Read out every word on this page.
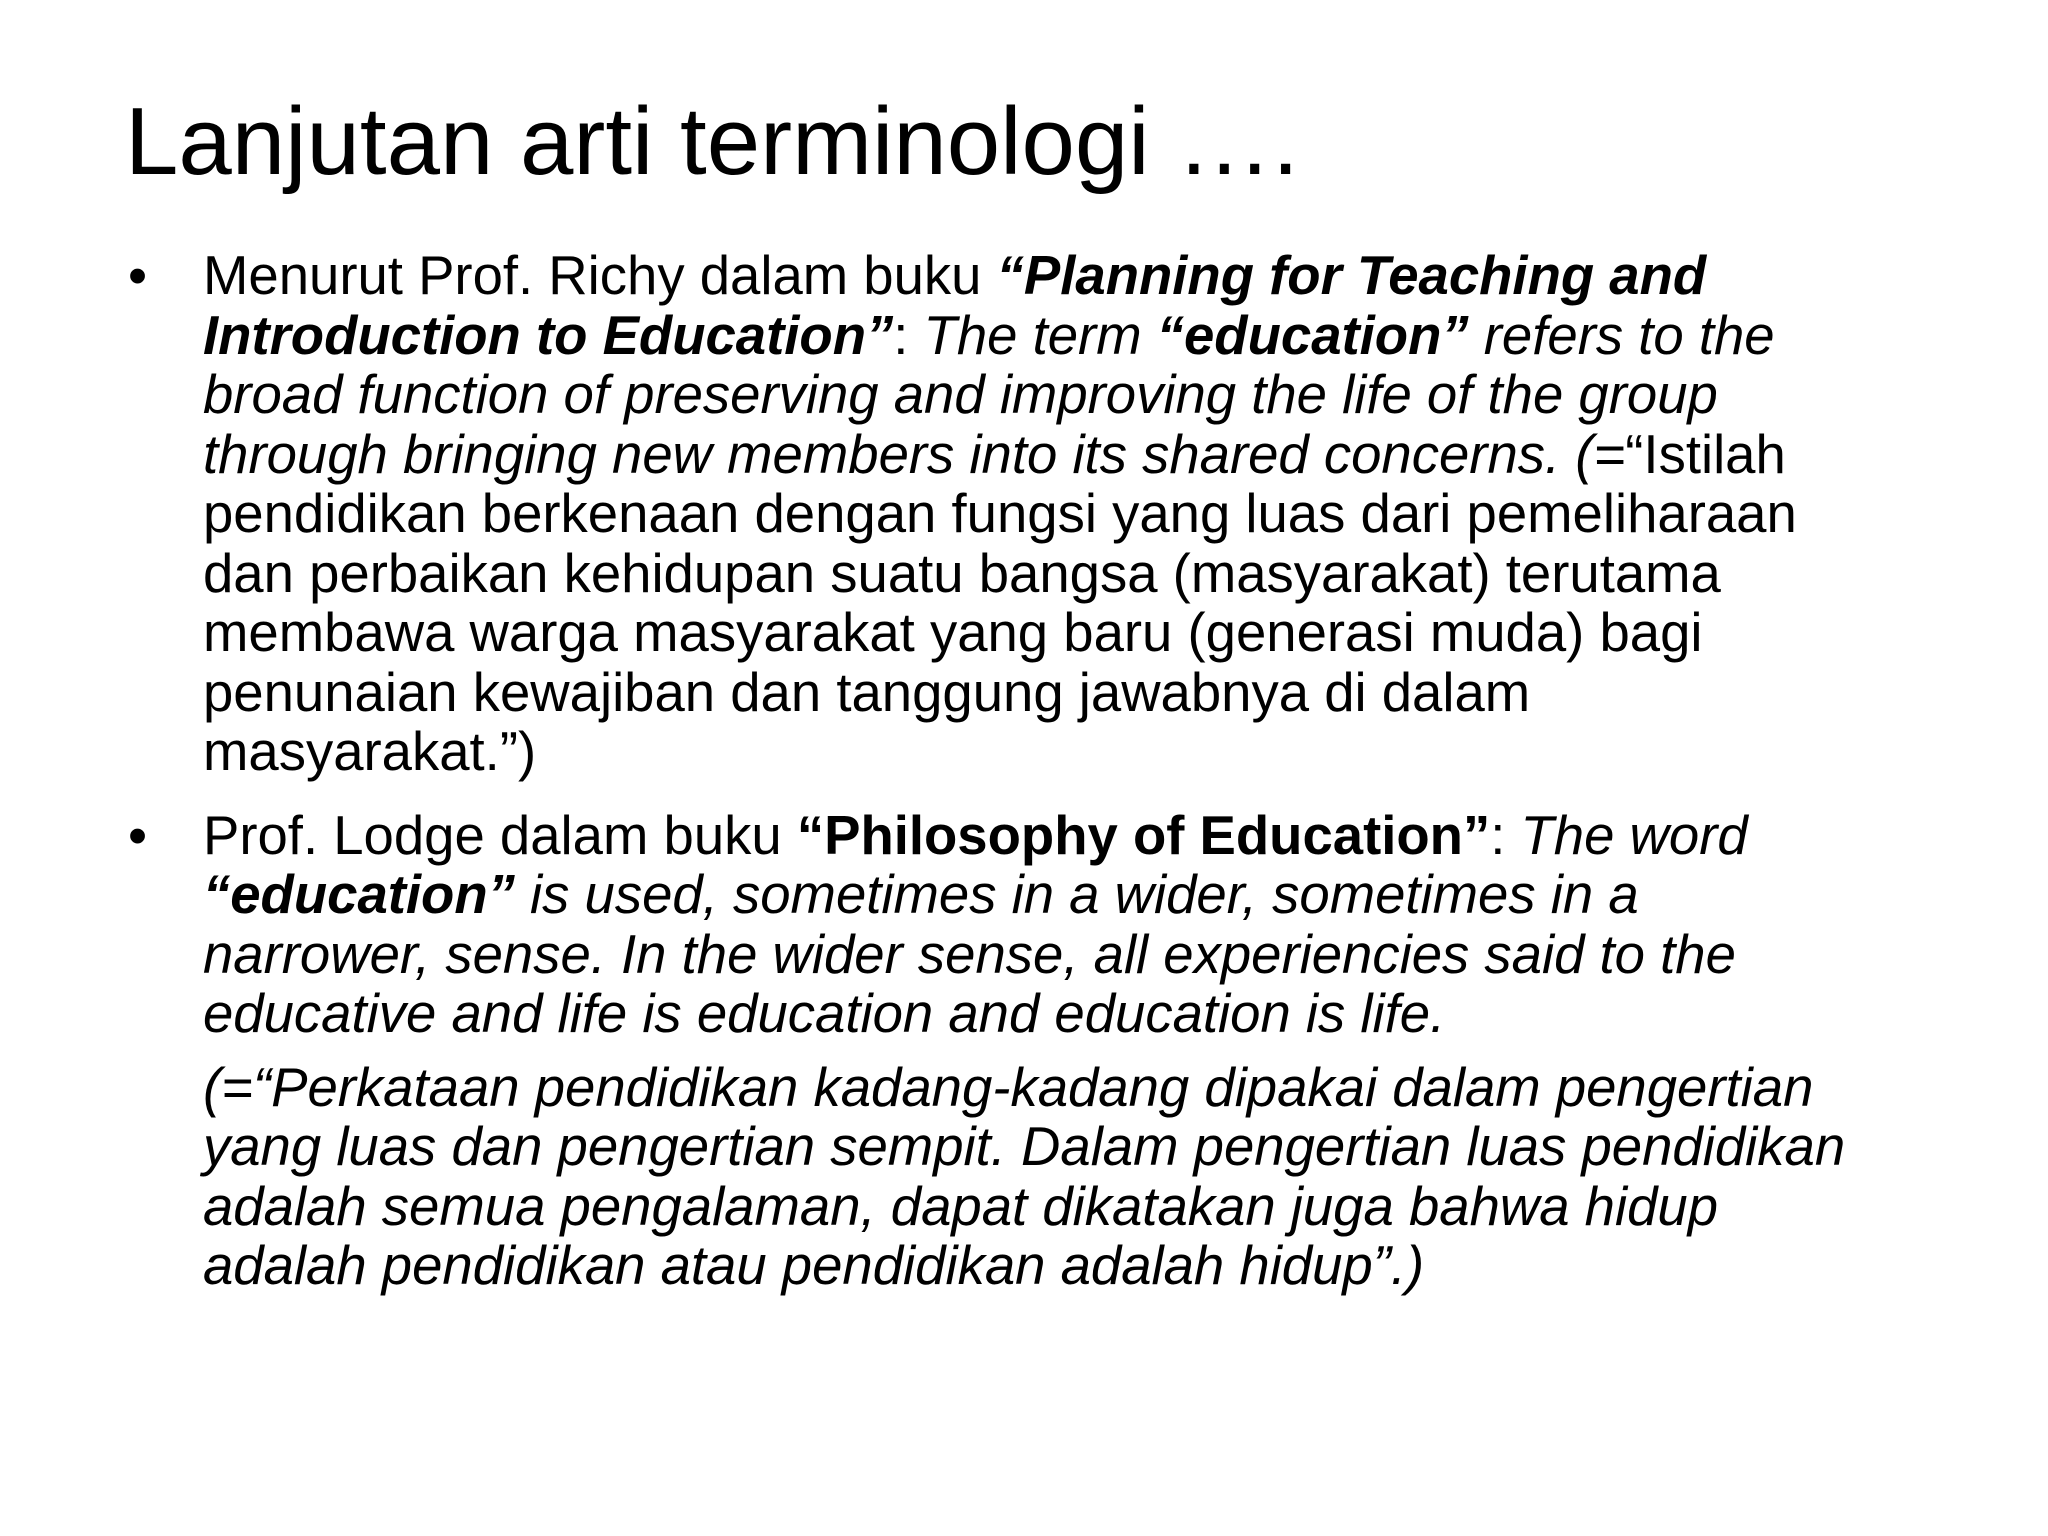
Lanjutan arti terminologi ….
•	Menurut Prof. Richy dalam buku “Planning for Teaching and
Introduction to Education”: The term “education” refers to the
broad function of preserving and improving the life of the group
through bringing new members into its shared concerns. (=“Istilah
pendidikan berkenaan dengan fungsi yang luas dari pemeliharaan
dan perbaikan kehidupan suatu bangsa (masyarakat) terutama
membawa warga masyarakat yang baru (generasi muda) bagi
penunaian kewajiban dan tanggung jawabnya di dalam
masyarakat.”)
•	Prof. Lodge dalam buku “Philosophy of Education”: The word
“education” is used, sometimes in a wider, sometimes in a
narrower, sense. In the wider sense, all experiencies said to the
educative and life is education and education is life.
(=“Perkataan pendidikan kadang-kadang dipakai dalam pengertian
yang luas dan pengertian sempit. Dalam pengertian luas pendidikan
adalah semua pengalaman, dapat dikatakan juga bahwa hidup
adalah pendidikan atau pendidikan adalah hidup”.)
